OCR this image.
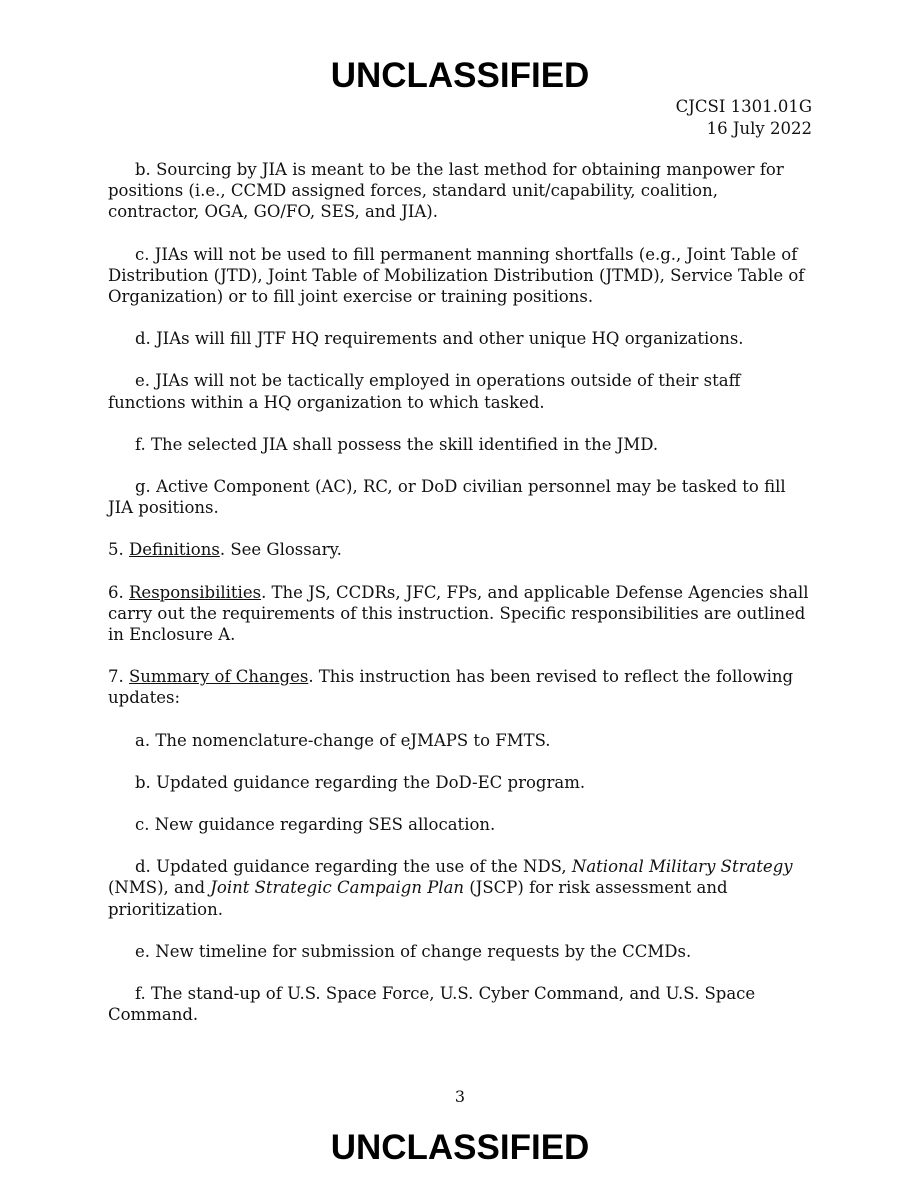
UNCLASSIFIED
CJCSI 1301.01G
16 July 2022

b. Sourcing by JIA is meant to be the last method for obtaining manpower for positions (i.e., CCMD assigned forces, standard unit/capability, coalition, contractor, OGA, GO/FO, SES, and JIA).

c. JIAs will not be used to fill permanent manning shortfalls (e.g., Joint Table of Distribution (JTD), Joint Table of Mobilization Distribution (JTMD), Service Table of Organization) or to fill joint exercise or training positions.

d. JIAs will fill JTF HQ requirements and other unique HQ organizations.

e. JIAs will not be tactically employed in operations outside of their staff functions within a HQ organization to which tasked.

f. The selected JIA shall possess the skill identified in the JMD.

g. Active Component (AC), RC, or DoD civilian personnel may be tasked to fill JIA positions.

5. Definitions. See Glossary.

6. Responsibilities. The JS, CCDRs, JFC, FPs, and applicable Defense Agencies shall carry out the requirements of this instruction. Specific responsibilities are outlined in Enclosure A.

7. Summary of Changes. This instruction has been revised to reflect the following updates:

a. The nomenclature-change of eJMAPS to FMTS.

b. Updated guidance regarding the DoD-EC program.

c. New guidance regarding SES allocation.

d. Updated guidance regarding the use of the NDS, National Military Strategy (NMS), and Joint Strategic Campaign Plan (JSCP) for risk assessment and prioritization.

e. New timeline for submission of change requests by the CCMDs.

f. The stand-up of U.S. Space Force, U.S. Cyber Command, and U.S. Space Command.

3
UNCLASSIFIED
